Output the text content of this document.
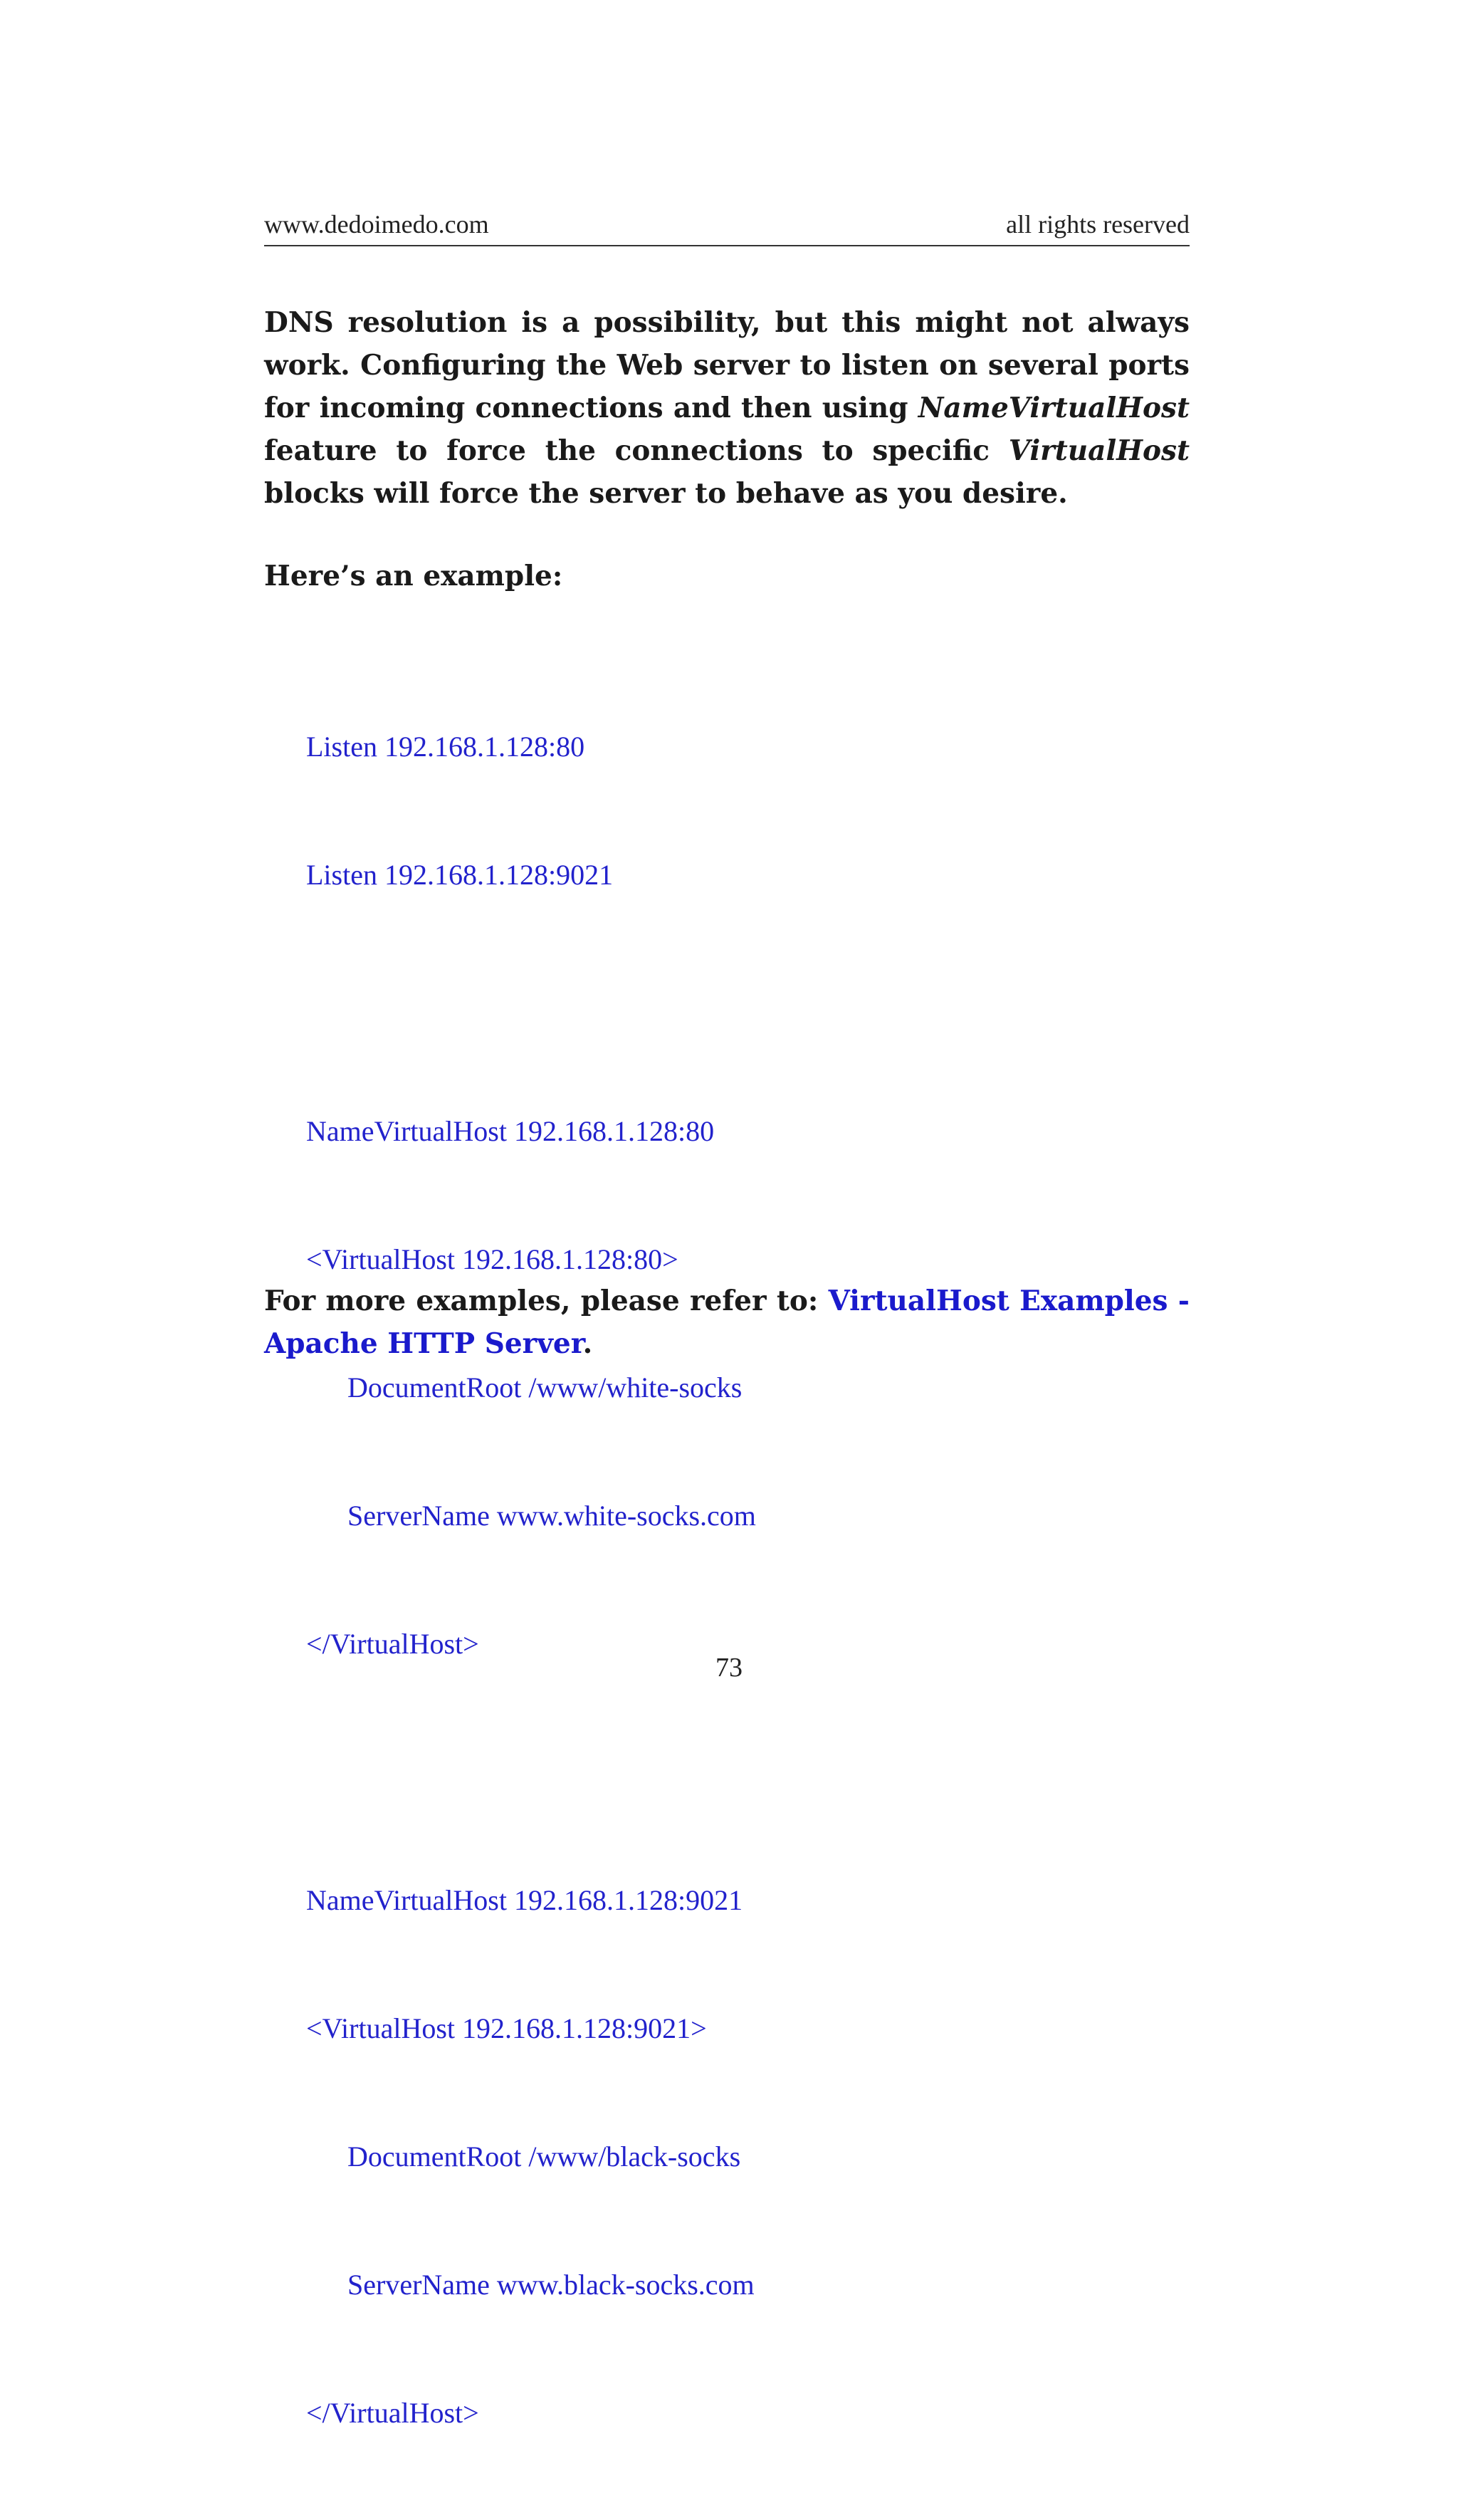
www.dedoimedo.com	all rights reserved

DNS resolution is a possibility, but this might not always work. Configuring the Web server to listen on several ports for incoming connections and then using NameVirtualHost feature to force the connections to specific VirtualHost blocks will force the server to behave as you desire.

Here’s an example:

Listen 192.168.1.128:80

Listen 192.168.1.128:9021

NameVirtualHost 192.168.1.128:80

<VirtualHost 192.168.1.128:80>

DocumentRoot /www/white-socks

ServerName www.white-socks.com

</VirtualHost>

NameVirtualHost 192.168.1.128:9021

<VirtualHost 192.168.1.128:9021>

DocumentRoot /www/black-socks

ServerName www.black-socks.com

</VirtualHost>

For more examples, please refer to: VirtualHost Examples - Apache HTTP Server.

73
